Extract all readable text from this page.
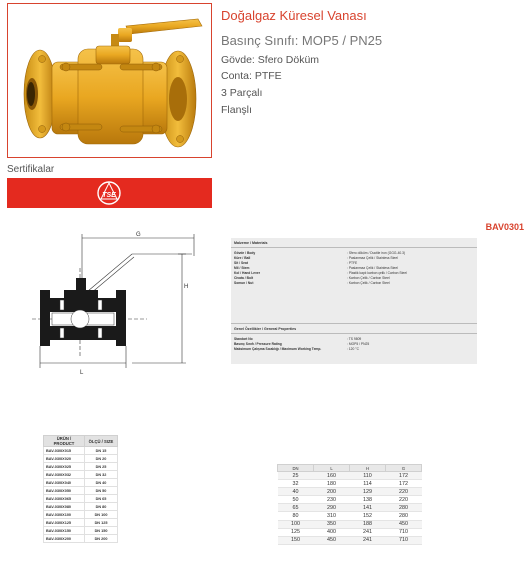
Doğalgaz Küresel Vanası
Basınç Sınıfı: MOP5 / PN25
Gövde: Sfero Döküm
Conta: PTFE
3 Parçalı
Flanşlı
Sertifikalar
TSE
BAV0301
G
H
L
Malzeme / Materials
Gövde / Body	: Sfero döküm / Ductile iron (GGG-40.3)
Küre / Ball	: Paslanmaz Çelik / Stainless Steel
Sit / Seat	: PTFE
Mil / Stem	: Paslanmaz Çelik / Stainless Steel
Kol / Hand Lever	: Plastik kaplı karbon çelik / Carbon Steel
Civata / Bolt	: Karbon Çelik / Carbon Steel
Somun / Nut	: Karbon Çelik / Carbon Steel
Genel Özellikler / General Properties
Standart No	: TS 9809
Basınç Sınıfı / Pressure Rating	: MOP5 / PN25
Maksimum Çalışma Sıcaklığı / Maximum Working Temp.	: 120 °C
ÜRÜN / PRODUCT	ÖLÇÜ / SIZE
BAV-030IX015	DN 15
BAV-030IX020	DN 20
BAV-030IX025	DN 25
BAV-030IX032	DN 32
BAV-030IX040	DN 40
BAV-030IX050	DN 50
BAV-030IX065	DN 65
BAV-030IX080	DN 80
BAV-030IX100	DN 100
BAV-030IX125	DN 125
BAV-030IX150	DN 150
BAV-030IX200	DN 200
DN	L	H	G
25	160	110	172
32	180	114	172
40	200	129	220
50	230	138	220
65	290	141	280
80	310	152	280
100	350	188	450
125	400	241	710
150	450	241	710
